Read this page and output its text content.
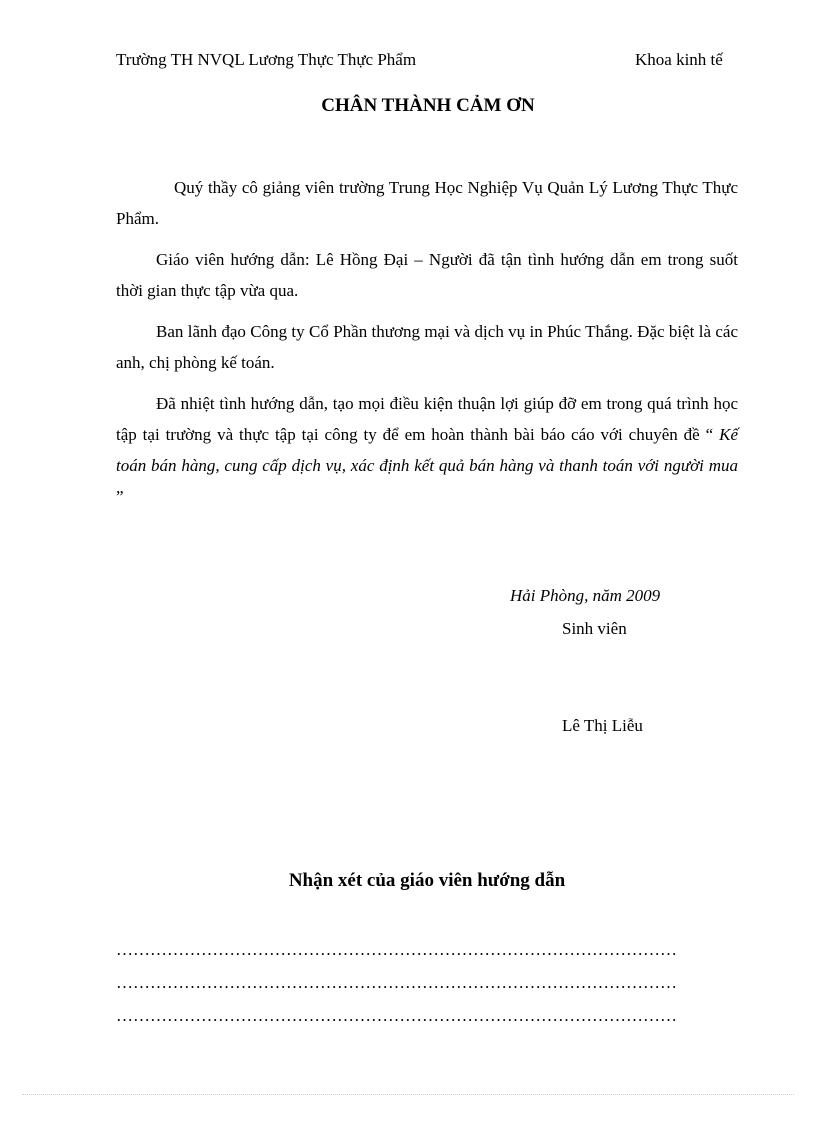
Trường TH NVQL Lương Thực Thực Phẩm	Khoa kinh tế
CHÂN THÀNH CẢM ƠN

Quý thầy cô giảng viên trường Trung Học Nghiệp Vụ Quản Lý Lương Thực Thực Phẩm.

Giáo viên hướng dẫn: Lê Hồng Đại – Người đã tận tình hướng dẫn em trong suốt thời gian thực tập vừa qua.

Ban lãnh đạo Công ty Cổ Phần thương mại và dịch vụ in Phúc Thắng. Đặc biệt là các anh, chị phòng kế toán.

Đã nhiệt tình hướng dẫn, tạo mọi điều kiện thuận lợi giúp đỡ em trong quá trình học tập tại trường và thực tập tại công ty để em hoàn thành bài báo cáo với chuyên đề “ Kế toán bán hàng, cung cấp dịch vụ, xác định kết quả bán hàng và thanh toán với người mua ”

Hải Phòng, năm 2009
Sinh viên
Lê Thị Liễu
Nhận xét của giáo viên hướng dẫn
………………………………………………………………………………………
………………………………………………………………………………………
………………………………………………………………………………………
